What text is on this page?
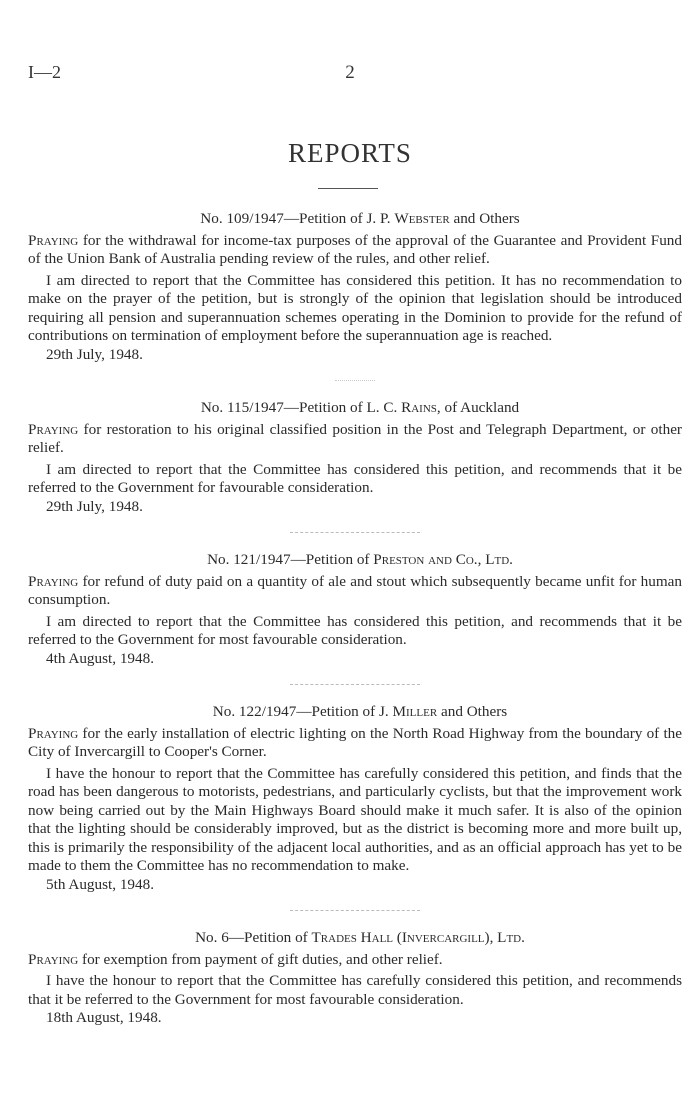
I—2	2
REPORTS

No. 109/1947—Petition of J. P. Webster and Others

Praying for the withdrawal for income-tax purposes of the approval of the Guarantee and Provident Fund of the Union Bank of Australia pending review of the rules, and other relief.

I am directed to report that the Committee has considered this petition. It has no recommendation to make on the prayer of the petition, but is strongly of the opinion that legislation should be introduced requiring all pension and superannuation schemes operating in the Dominion to provide for the refund of contributions on termination of employment before the superannuation age is reached.

29th July, 1948.

No. 115/1947—Petition of L. C. Rains, of Auckland

Praying for restoration to his original classified position in the Post and Telegraph Department, or other relief.

I am directed to report that the Committee has considered this petition, and recommends that it be referred to the Government for favourable consideration.

29th July, 1948.

No. 121/1947—Petition of Preston and Co., Ltd.

Praying for refund of duty paid on a quantity of ale and stout which subsequently became unfit for human consumption.

I am directed to report that the Committee has considered this petition, and recommends that it be referred to the Government for most favourable consideration.

4th August, 1948.

No. 122/1947—Petition of J. Miller and Others

Praying for the early installation of electric lighting on the North Road Highway from the boundary of the City of Invercargill to Cooper's Corner.

I have the honour to report that the Committee has carefully considered this petition, and finds that the road has been dangerous to motorists, pedestrians, and particularly cyclists, but that the improvement work now being carried out by the Main Highways Board should make it much safer. It is also of the opinion that the lighting should be considerably improved, but as the district is becoming more and more built up, this is primarily the responsibility of the adjacent local authorities, and as an official approach has yet to be made to them the Committee has no recommendation to make.

5th August, 1948.

No. 6—Petition of Trades Hall (Invercargill), Ltd.

Praying for exemption from payment of gift duties, and other relief.

I have the honour to report that the Committee has carefully considered this petition, and recommends that it be referred to the Government for most favourable consideration.

18th August, 1948.
